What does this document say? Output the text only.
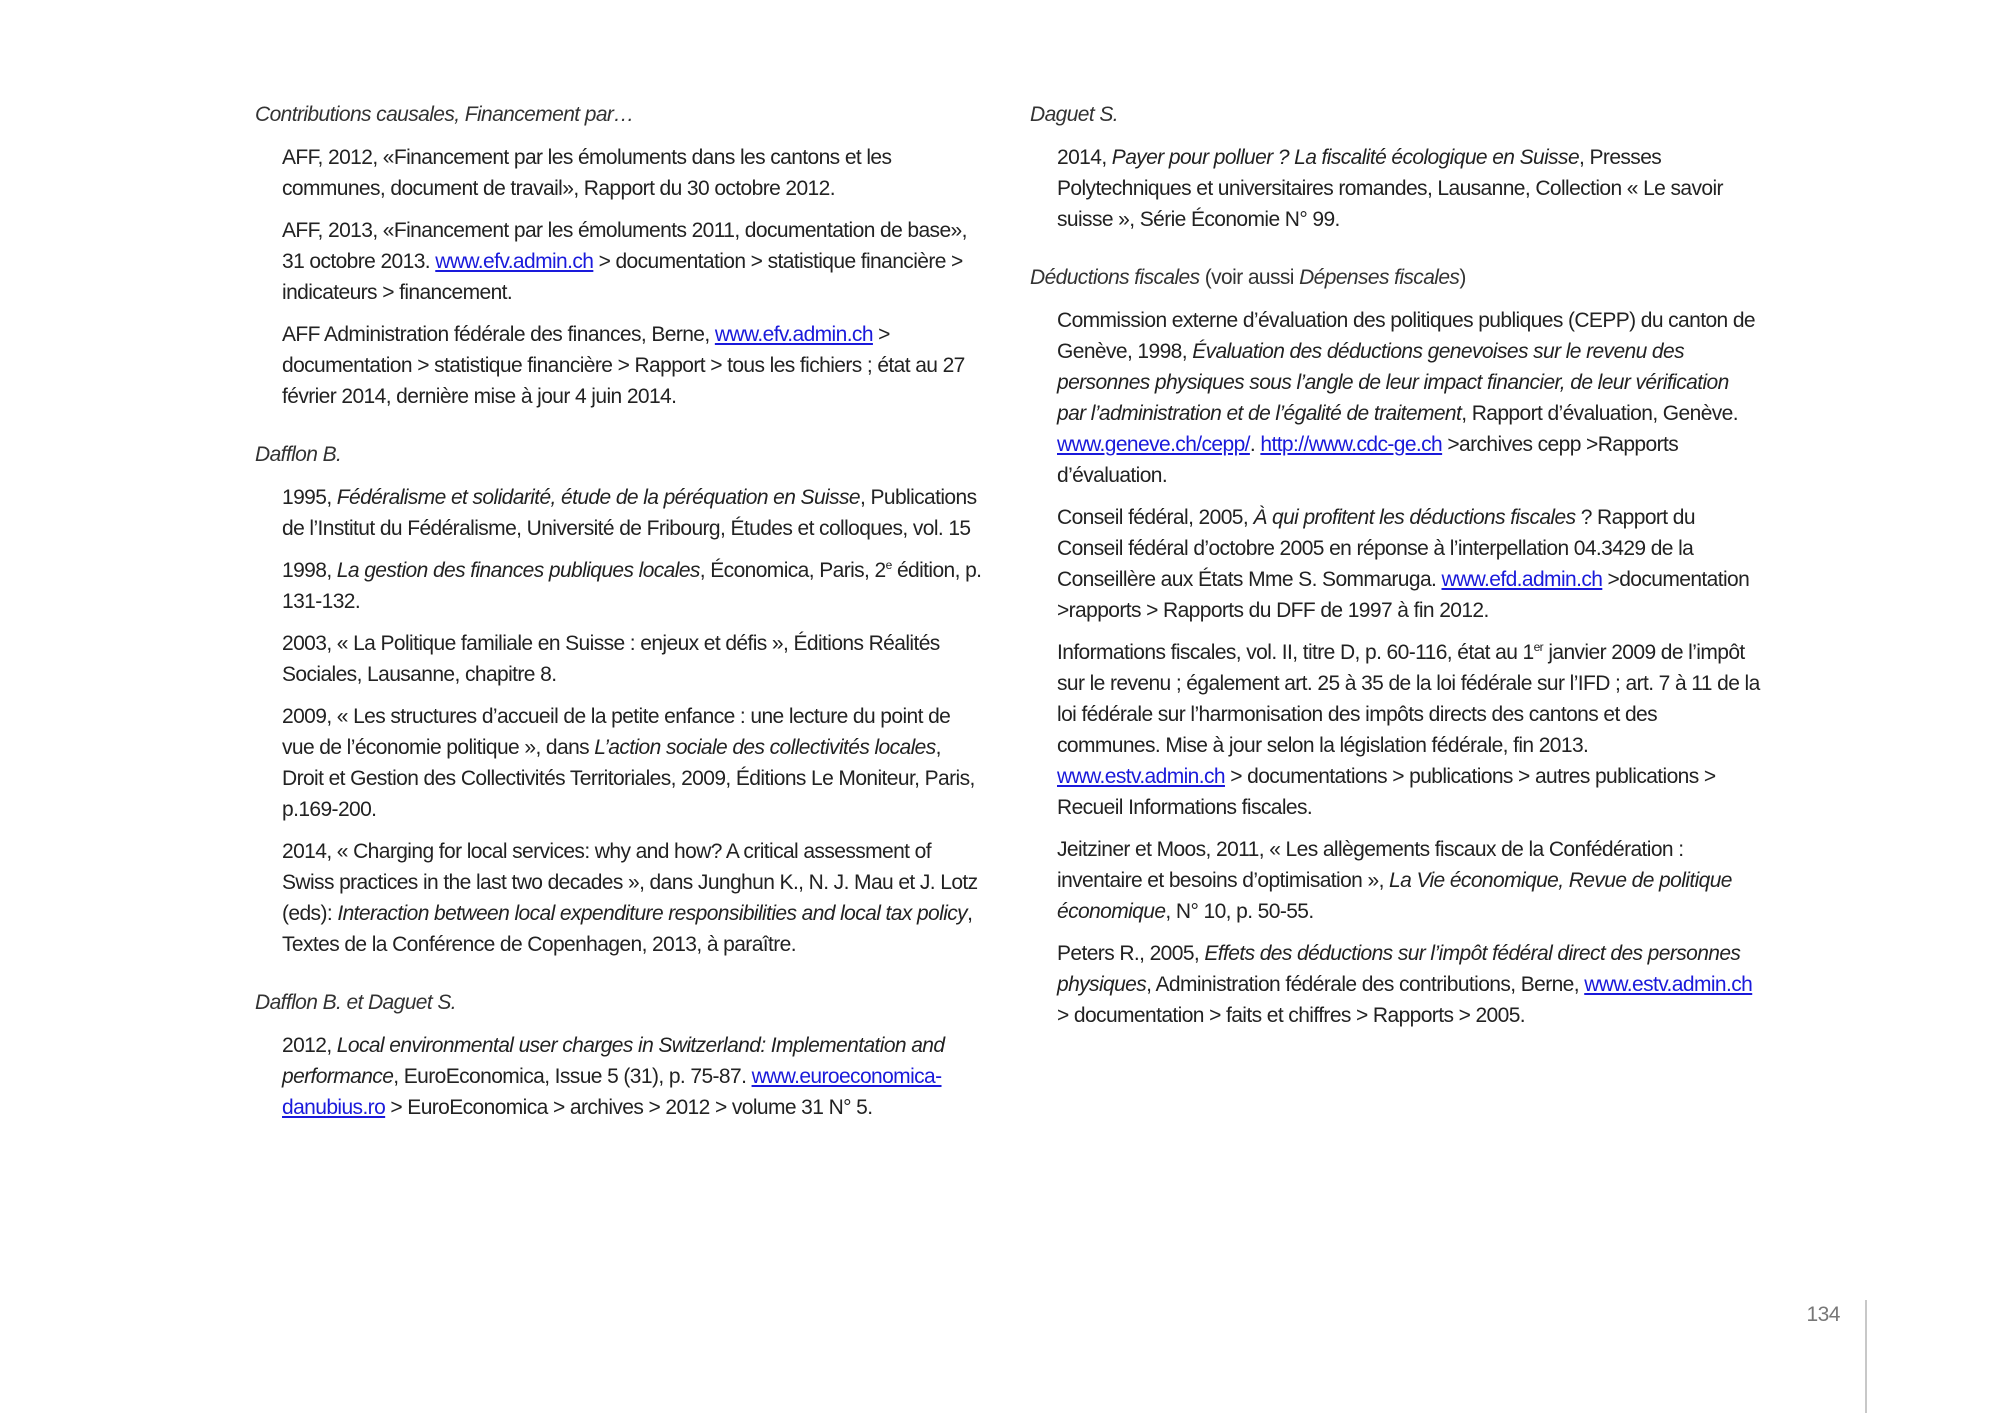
Contributions causales, Financement par…

AFF, 2012, «Financement par les émoluments dans les cantons et les communes, document de travail», Rapport du 30 octobre 2012.

AFF, 2013, «Financement par les émoluments 2011, documentation de base», 31 octobre 2013. www.efv.admin.ch > documentation > statistique financière > indicateurs > financement.

AFF Administration fédérale des finances, Berne, www.efv.admin.ch > documentation > statistique financière > Rapport > tous les fichiers ; état au 27 février 2014, dernière mise à jour 4 juin 2014.

Dafflon B.

1995, Fédéralisme et solidarité, étude de la péréquation en Suisse, Publications de l’Institut du Fédéralisme, Université de Fribourg, Études et colloques, vol. 15

1998, La gestion des finances publiques locales, Économica, Paris, 2e édition, p. 131-132.

2003, « La Politique familiale en Suisse : enjeux et défis », Éditions Réalités Sociales, Lausanne, chapitre 8.

2009, « Les structures d’accueil de la petite enfance : une lecture du point de vue de l’économie politique », dans L’action sociale des collectivités locales, Droit et Gestion des Collectivités Territoriales, 2009, Éditions Le Moniteur, Paris, p.169-200.

2014, « Charging for local services: why and how? A critical assessment of Swiss practices in the last two decades », dans Junghun K., N. J. Mau et J. Lotz (eds): Interaction between local expenditure responsibilities and local tax policy, Textes de la Conférence de Copenhagen, 2013, à paraître.

Dafflon B. et Daguet S.

2012, Local environmental user charges in Switzerland: Implementation and performance, EuroEconomica, Issue 5 (31), p. 75-87. www.euroeconomica-danubius.ro > EuroEconomica > archives > 2012 > volume 31 N° 5.

Daguet S.

2014, Payer pour polluer ? La fiscalité écologique en Suisse, Presses Polytechniques et universitaires romandes, Lausanne, Collection « Le savoir suisse », Série Économie N° 99.

Déductions fiscales (voir aussi Dépenses fiscales)

Commission externe d’évaluation des politiques publiques (CEPP) du canton de Genève, 1998, Évaluation des déductions genevoises sur le revenu des personnes physiques sous l’angle de leur impact financier, de leur vérification par l’administration et de l’égalité de traitement, Rapport d’évaluation, Genève. www.geneve.ch/cepp/. http://www.cdc-ge.ch >archives cepp >Rapports d’évaluation.

Conseil fédéral, 2005, À qui profitent les déductions fiscales ? Rapport du Conseil fédéral d’octobre 2005 en réponse à l’interpellation 04.3429 de la Conseillère aux États Mme S. Sommaruga. www.efd.admin.ch >documentation >rapports > Rapports du DFF de 1997 à fin 2012.

Informations fiscales, vol. II, titre D, p. 60-116, état au 1er janvier 2009 de l’impôt sur le revenu ; également art. 25 à 35 de la loi fédérale sur l’IFD ; art. 7 à 11 de la loi fédérale sur l’harmonisation des impôts directs des cantons et des communes. Mise à jour selon la législation fédérale, fin 2013. www.estv.admin.ch > documentations > publications > autres publications > Recueil Informations fiscales.

Jeitziner et Moos, 2011, « Les allègements fiscaux de la Confédération : inventaire et besoins d’optimisation », La Vie économique, Revue de politique économique, N° 10, p. 50-55.

Peters R., 2005, Effets des déductions sur l’impôt fédéral direct des personnes physiques, Administration fédérale des contributions, Berne, www.estv.admin.ch > documentation > faits et chiffres > Rapports > 2005.

134
